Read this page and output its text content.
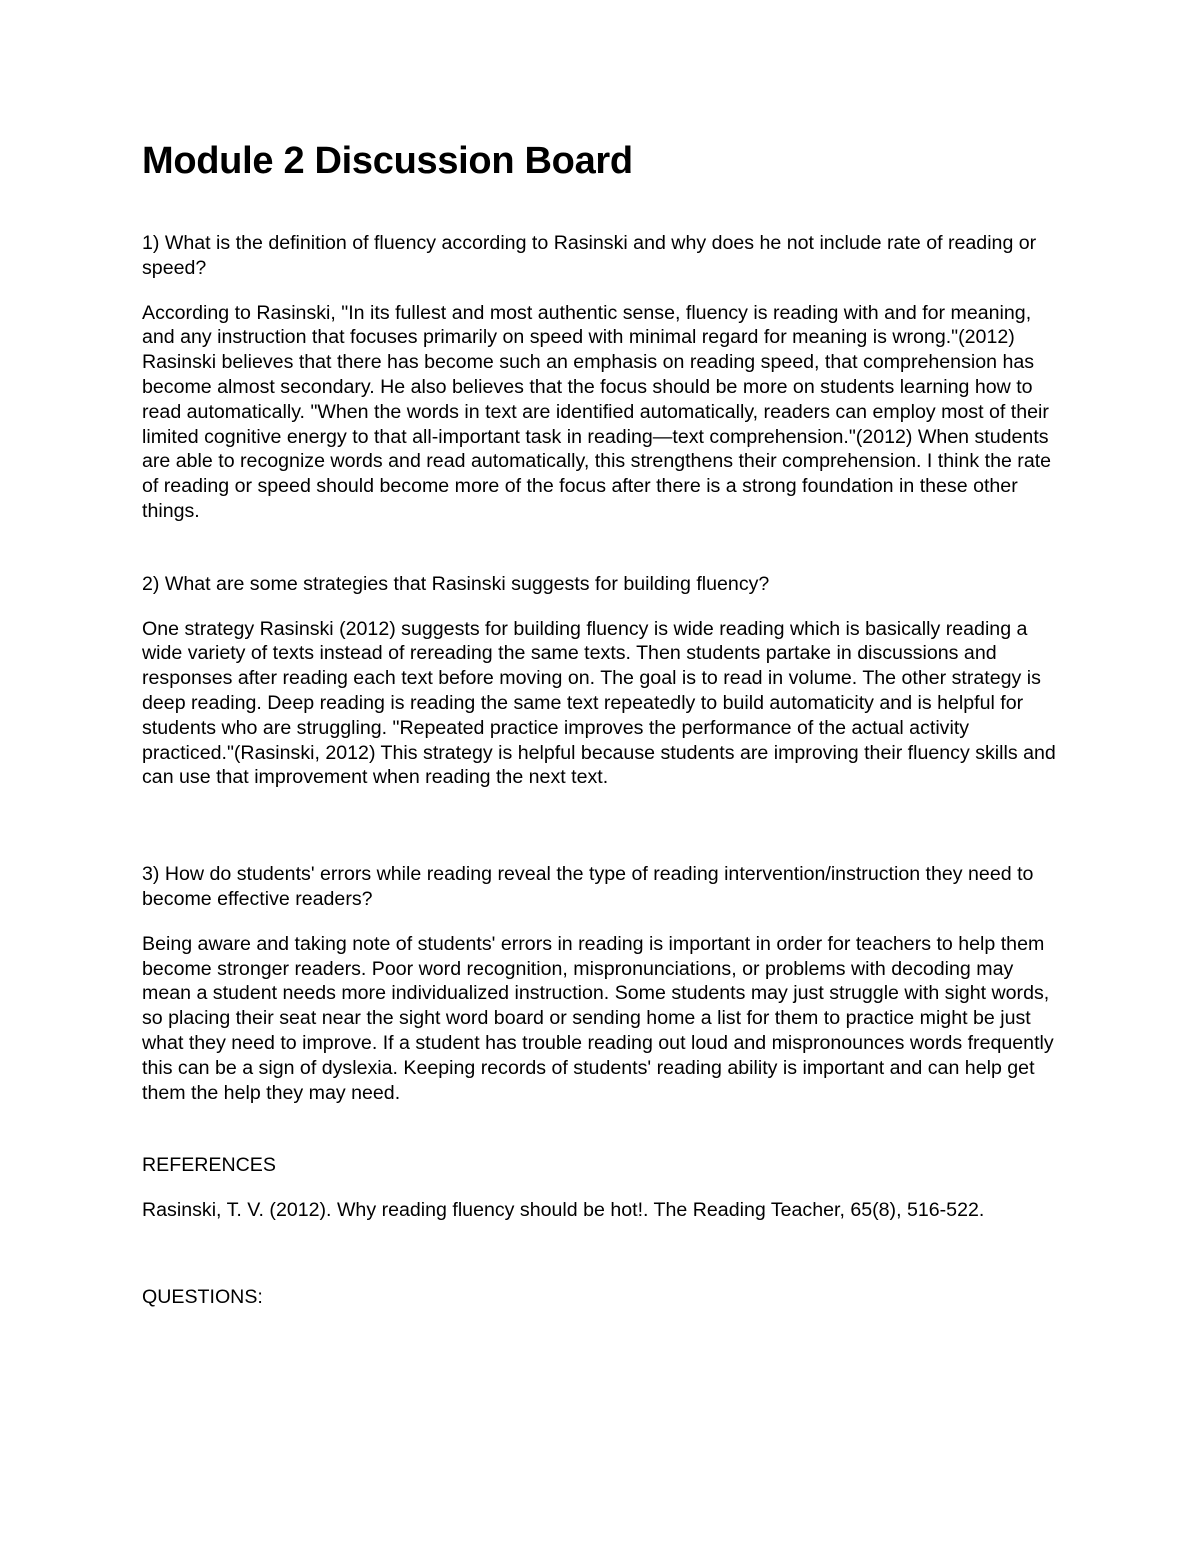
Module 2 Discussion Board

1) What is the definition of fluency according to Rasinski and why does he not include rate of reading or speed?

According to Rasinski, "In its fullest and most authentic sense, fluency is reading with and for meaning, and any instruction that focuses primarily on speed with minimal regard for meaning is wrong."(2012) Rasinski believes that there has become such an emphasis on reading speed, that comprehension has become almost secondary. He also believes that the focus should be more on students learning how to read automatically. "When the words in text are identified automatically, readers can employ most of their limited cognitive energy to that all-important task in reading—text comprehension."(2012) When students are able to recognize words and read automatically, this strengthens their comprehension. I think the rate of reading or speed should become more of the focus after there is a strong foundation in these other things.

2) What are some strategies that Rasinski suggests for building fluency?

One strategy Rasinski (2012) suggests for building fluency is wide reading which is basically reading a wide variety of texts instead of rereading the same texts. Then students partake in discussions and responses after reading each text before moving on. The goal is to read in volume. The other strategy is deep reading. Deep reading is reading the same text repeatedly to build automaticity and is helpful for students who are struggling. "Repeated practice improves the performance of the actual activity practiced."(Rasinski, 2012) This strategy is helpful because students are improving their fluency skills and can use that improvement when reading the next text.

3) How do students' errors while reading reveal the type of reading intervention/instruction they need to become effective readers?

Being aware and taking note of students' errors in reading is important in order for teachers to help them become stronger readers. Poor word recognition, mispronunciations, or problems with decoding may mean a student needs more individualized instruction. Some students may just struggle with sight words, so placing their seat near the sight word board or sending home a list for them to practice might be just what they need to improve. If a student has trouble reading out loud and mispronounces words frequently this can be a sign of dyslexia. Keeping records of students' reading ability is important and can help get them the help they may need.

REFERENCES

Rasinski, T. V. (2012). Why reading fluency should be hot!. The Reading Teacher, 65(8), 516-522.

QUESTIONS:
